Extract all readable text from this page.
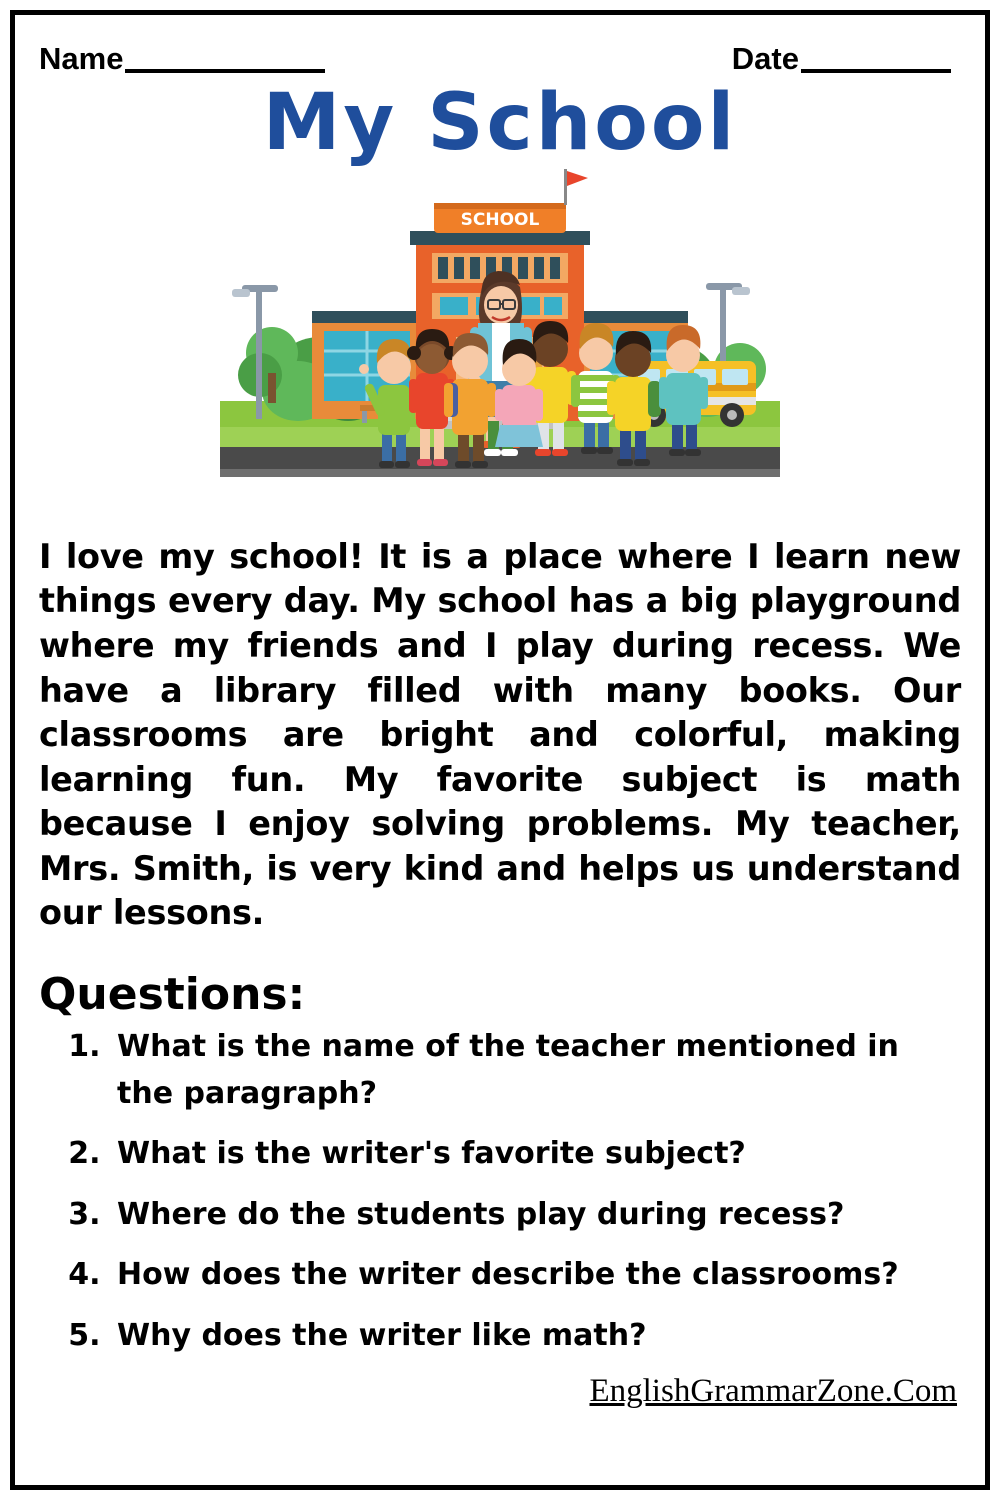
Name	Date
My School
SCHOOL

I love my school! It is a place where I learn new things every day. My school has a big playground where my friends and I play during recess. We have a library filled with many books. Our classrooms are bright and colorful, making learning fun. My favorite subject is math because I enjoy solving problems. My teacher, Mrs. Smith, is very kind and helps us understand our lessons.

Questions:
1. What is the name of the teacher mentioned in the paragraph?
2. What is the writer's favorite subject?
3. Where do the students play during recess?
4. How does the writer describe the classrooms?
5. Why does the writer like math?
EnglishGrammarZone.Com
